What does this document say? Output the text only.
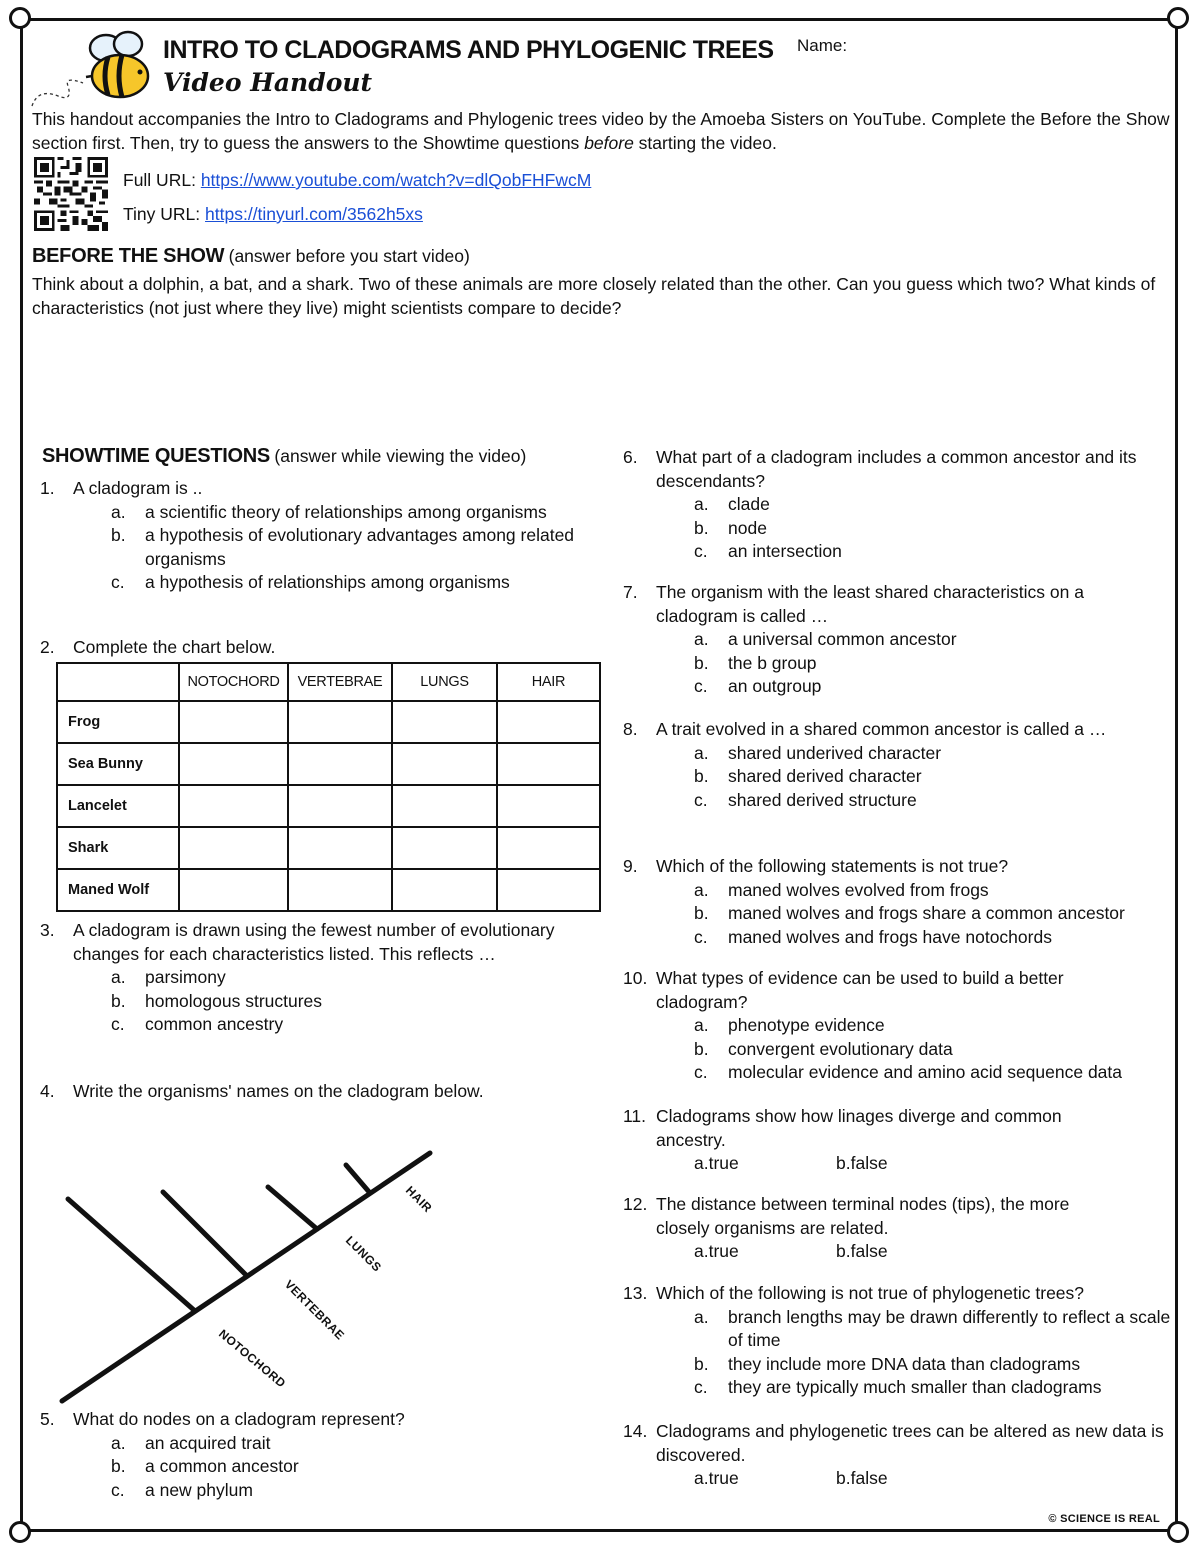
INTRO TO CLADOGRAMS AND PHYLOGENIC TREES
Video Handout
Name:
This handout accompanies the Intro to Cladograms and Phylogenic trees video by the Amoeba Sisters on YouTube. Complete the Before the Show section first. Then, try to guess the answers to the Showtime questions before starting the video.
Full URL: https://www.youtube.com/watch?v=dlQobFHFwcM
Tiny URL: https://tinyurl.com/3562h5xs
BEFORE THE SHOW (answer before you start video)
Think about a dolphin, a bat, and a shark. Two of these animals are more closely related than the other. Can you guess which two? What kinds of characteristics (not just where they live) might scientists compare to decide?
SHOWTIME QUESTIONS (answer while viewing the video)
1. A cladogram is ..
a. a scientific theory of relationships among organisms
b. a hypothesis of evolutionary advantages among related organisms
c. a hypothesis of relationships among organisms
2. Complete the chart below.
	NOTOCHORD	VERTEBRAE	LUNGS	HAIR
Frog				
Sea Bunny				
Lancelet				
Shark				
Maned Wolf				
3. A cladogram is drawn using the fewest number of evolutionary changes for each characteristics listed. This reflects …
a. parsimony
b. homologous structures
c. common ancestry
4. Write the organisms' names on the cladogram below.
NOTOCHORD
VERTEBRAE
LUNGS
HAIR
5. What do nodes on a cladogram represent?
a. an acquired trait
b. a common ancestor
c. a new phylum
6. What part of a cladogram includes a common ancestor and its descendants?
a. clade
b. node
c. an intersection
7. The organism with the least shared characteristics on a cladogram is called …
a. a universal common ancestor
b. the b group
c. an outgroup
8. A trait evolved in a shared common ancestor is called a …
a. shared underived character
b. shared derived character
c. shared derived structure
9. Which of the following statements is not true?
a. maned wolves evolved from frogs
b. maned wolves and frogs share a common ancestor
c. maned wolves and frogs have notochords
10. What types of evidence can be used to build a better cladogram?
a. phenotype evidence
b. convergent evolutionary data
c. molecular evidence and amino acid sequence data
11. Cladograms show how linages diverge and common ancestry.
a.
true	b.
false
12. The distance between terminal nodes (tips), the more closely organisms are related.
a.
true	b.
false
13. Which of the following is not true of phylogenetic trees?
a. branch lengths may be drawn differently to reflect a scale of time
b. they include more DNA data than cladograms
c. they are typically much smaller than cladograms
14. Cladograms and phylogenetic trees can be altered as new data is discovered.
a.
true	b.
false
© SCIENCE IS REAL
